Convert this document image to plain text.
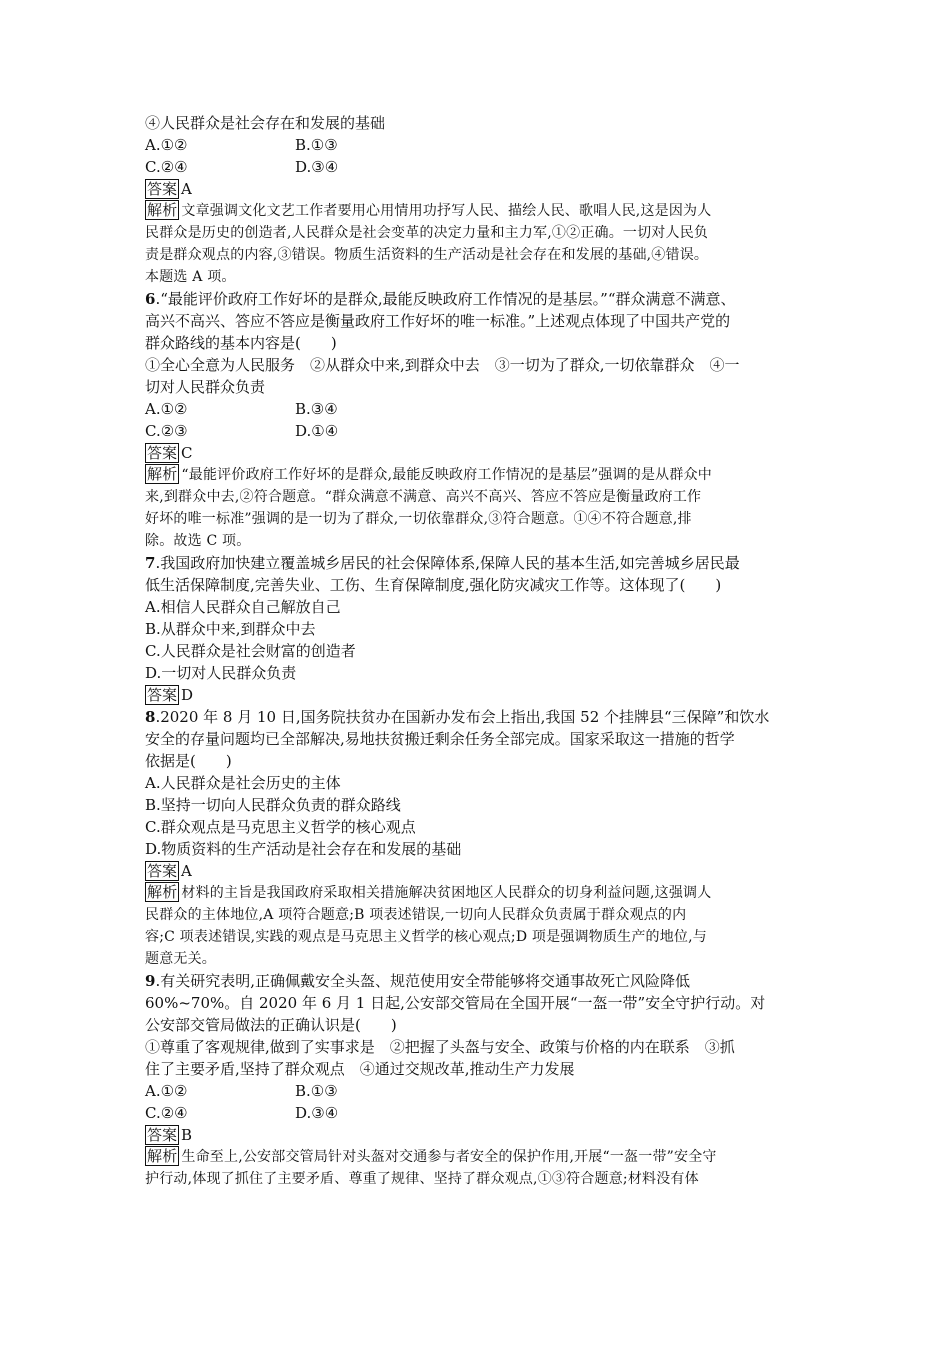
④人民群众是社会存在和发展的基础
A.①②	B.①③
C.②④	D.③④
答案 A
解析 文章强调文化文艺工作者要用心用情用功抒写人民、描绘人民、歌唱人民,这是因为人
民群众是历史的创造者,人民群众是社会变革的决定力量和主力军,①②正确。一切对人民负
责是群众观点的内容,③错误。物质生活资料的生产活动是社会存在和发展的基础,④错误。
本题选 A 项。
6.“最能评价政府工作好坏的是群众,最能反映政府工作情况的是基层。”“群众满意不满意、
高兴不高兴、答应不答应是衡量政府工作好坏的唯一标准。”上述观点体现了中国共产党的
群众路线的基本内容是(　　)
①全心全意为人民服务　②从群众中来,到群众中去　③一切为了群众,一切依靠群众　④一
切对人民群众负责
A.①②	B.③④
C.②③	D.①④
答案 C
解析 “最能评价政府工作好坏的是群众,最能反映政府工作情况的是基层”强调的是从群众中
来,到群众中去,②符合题意。“群众满意不满意、高兴不高兴、答应不答应是衡量政府工作
好坏的唯一标准”强调的是一切为了群众,一切依靠群众,③符合题意。①④不符合题意,排
除。故选 C 项。
7.我国政府加快建立覆盖城乡居民的社会保障体系,保障人民的基本生活,如完善城乡居民最
低生活保障制度,完善失业、工伤、生育保障制度,强化防灾减灾工作等。这体现了(　　)
A.相信人民群众自己解放自己
B.从群众中来,到群众中去
C.人民群众是社会财富的创造者
D.一切对人民群众负责
答案 D
8.2020 年 8 月 10 日,国务院扶贫办在国新办发布会上指出,我国 52 个挂牌县“三保障”和饮水
安全的存量问题均已全部解决,易地扶贫搬迁剩余任务全部完成。国家采取这一措施的哲学
依据是(　　)
A.人民群众是社会历史的主体
B.坚持一切向人民群众负责的群众路线
C.群众观点是马克思主义哲学的核心观点
D.物质资料的生产活动是社会存在和发展的基础
答案 A
解析 材料的主旨是我国政府采取相关措施解决贫困地区人民群众的切身利益问题,这强调人
民群众的主体地位,A 项符合题意;B 项表述错误,一切向人民群众负责属于群众观点的内
容;C 项表述错误,实践的观点是马克思主义哲学的核心观点;D 项是强调物质生产的地位,与
题意无关。
9.有关研究表明,正确佩戴安全头盔、规范使用安全带能够将交通事故死亡风险降低
60%~70%。自 2020 年 6 月 1 日起,公安部交管局在全国开展“一盔一带”安全守护行动。对
公安部交管局做法的正确认识是(　　)
①尊重了客观规律,做到了实事求是　②把握了头盔与安全、政策与价格的内在联系　③抓
住了主要矛盾,坚持了群众观点　④通过交规改革,推动生产力发展
A.①②	B.①③
C.②④	D.③④
答案 B
解析 生命至上,公安部交管局针对头盔对交通参与者安全的保护作用,开展“一盔一带”安全守
护行动,体现了抓住了主要矛盾、尊重了规律、坚持了群众观点,①③符合题意;材料没有体
